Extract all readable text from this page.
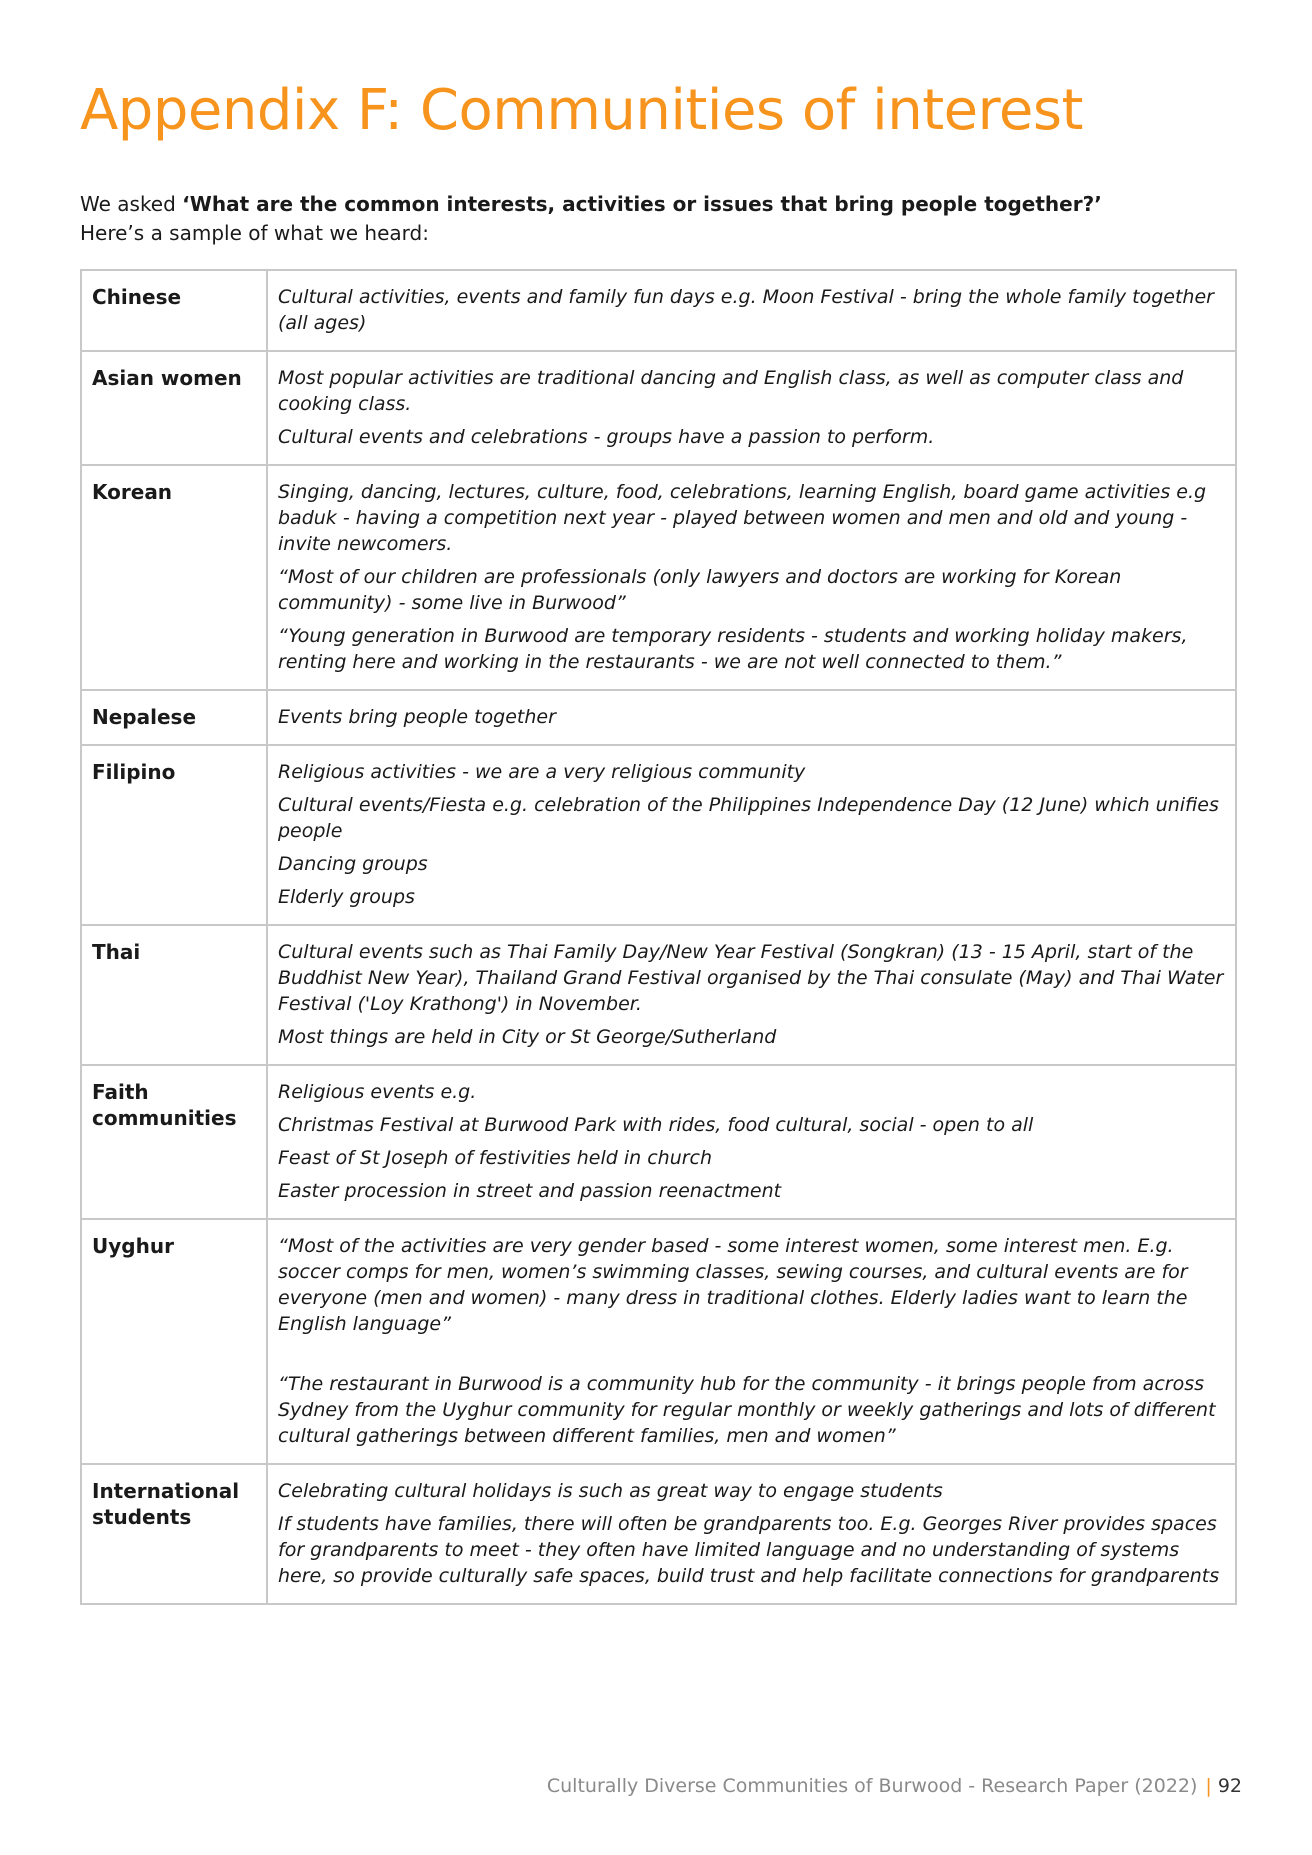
Appendix F: Communities of interest
We asked ‘What are the common interests, activities or issues that bring people together?’
Here’s a sample of what we heard:
Chinese	Cultural activities, events and family fun days e.g. Moon Festival - bring the whole family together (all ages)

Asian women	Most popular activities are traditional dancing and English class, as well as computer class and cooking class.

Cultural events and celebrations - groups have a passion to perform.

Korean	Singing, dancing, lectures, culture, food, celebrations, learning English, board game activities e.g baduk - having a competition next year - played between women and men and old and young - invite newcomers.

“Most of our children are professionals (only lawyers and doctors are working for Korean community) - some live in Burwood”

“Young generation in Burwood are temporary residents - students and working holiday makers, renting here and working in the restaurants - we are not well connected to them.”

Nepalese	Events bring people together

Filipino	Religious activities - we are a very religious community

Cultural events/Fiesta e.g. celebration of the Philippines Independence Day (12 June) which unifies people

Dancing groups

Elderly groups

Thai	Cultural events such as Thai Family Day/New Year Festival (Songkran) (13 - 15 April, start of the Buddhist New Year), Thailand Grand Festival organised by the Thai consulate (May) and Thai Water Festival ('Loy Krathong') in November.

Most things are held in City or St George/Sutherland

Faith communities	Religious events e.g.

Christmas Festival at Burwood Park with rides, food cultural, social - open to all

Feast of St Joseph of festivities held in church

Easter procession in street and passion reenactment

Uyghur	“Most of the activities are very gender based - some interest women, some interest men. E.g. soccer comps for men, women’s swimming classes, sewing courses, and cultural events are for everyone (men and women) - many dress in traditional clothes. Elderly ladies want to learn the English language”

“The restaurant in Burwood is a community hub for the community - it brings people from across Sydney from the Uyghur community for regular monthly or weekly gatherings and lots of different cultural gatherings between different families, men and women”

International students	Celebrating cultural holidays is such as great way to engage students

If students have families, there will often be grandparents too. E.g. Georges River provides spaces for grandparents to meet - they often have limited language and no understanding of systems here, so provide culturally safe spaces, build trust and help facilitate connections for grandparents

Culturally Diverse Communities of Burwood - Research Paper (2022) | 92
